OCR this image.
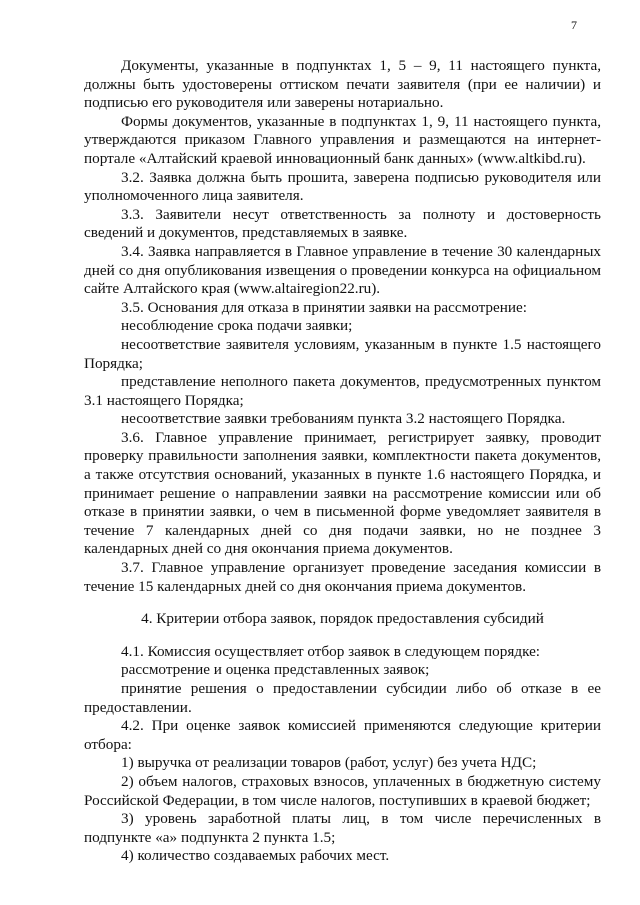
7

Документы, указанные в подпунктах 1, 5 – 9, 11 настоящего пункта, должны быть удостоверены оттиском печати заявителя (при ее наличии) и подписью его руководителя или заверены нотариально.

Формы документов, указанные в подпунктах 1, 9, 11 настоящего пункта, утверждаются приказом Главного управления и размещаются на интернет-портале «Алтайский краевой инновационный банк данных» (www.altkibd.ru).

3.2. Заявка должна быть прошита, заверена подписью руководителя или уполномоченного лица заявителя.

3.3. Заявители несут ответственность за полноту и достоверность сведений и документов, представляемых в заявке.

3.4. Заявка направляется в Главное управление в течение 30 календарных дней со дня опубликования извещения о проведении конкурса на официальном сайте Алтайского края (www.altairegion22.ru).

3.5. Основания для отказа в принятии заявки на рассмотрение:

несоблюдение срока подачи заявки;

несоответствие заявителя условиям, указанным в пункте 1.5 настоящего Порядка;

представление неполного пакета документов, предусмотренных пунктом 3.1 настоящего Порядка;

несоответствие заявки требованиям пункта 3.2 настоящего Порядка.

3.6. Главное управление принимает, регистрирует заявку, проводит проверку правильности заполнения заявки, комплектности пакета документов, а также отсутствия оснований, указанных в пункте 1.6 настоящего Порядка, и принимает решение о направлении заявки на рассмотрение комиссии или об отказе в принятии заявки, о чем в письменной форме уведомляет заявителя в течение 7 календарных дней со дня подачи заявки, но не позднее 3 календарных дней со дня окончания приема документов.

3.7. Главное управление организует проведение заседания комиссии в течение 15 календарных дней со дня окончания приема документов.

4. Критерии отбора заявок, порядок предоставления субсидий

4.1. Комиссия осуществляет отбор заявок в следующем порядке:

рассмотрение и оценка представленных заявок;

принятие решения о предоставлении субсидии либо об отказе в ее предоставлении.

4.2. При оценке заявок комиссией применяются следующие критерии отбора:

1) выручка от реализации товаров (работ, услуг) без учета НДС;

2) объем налогов, страховых взносов, уплаченных в бюджетную систему Российской Федерации, в том числе налогов, поступивших в краевой бюджет;

3) уровень заработной платы лиц, в том числе перечисленных в подпункте «а» подпункта 2 пункта 1.5;

4) количество создаваемых рабочих мест.
